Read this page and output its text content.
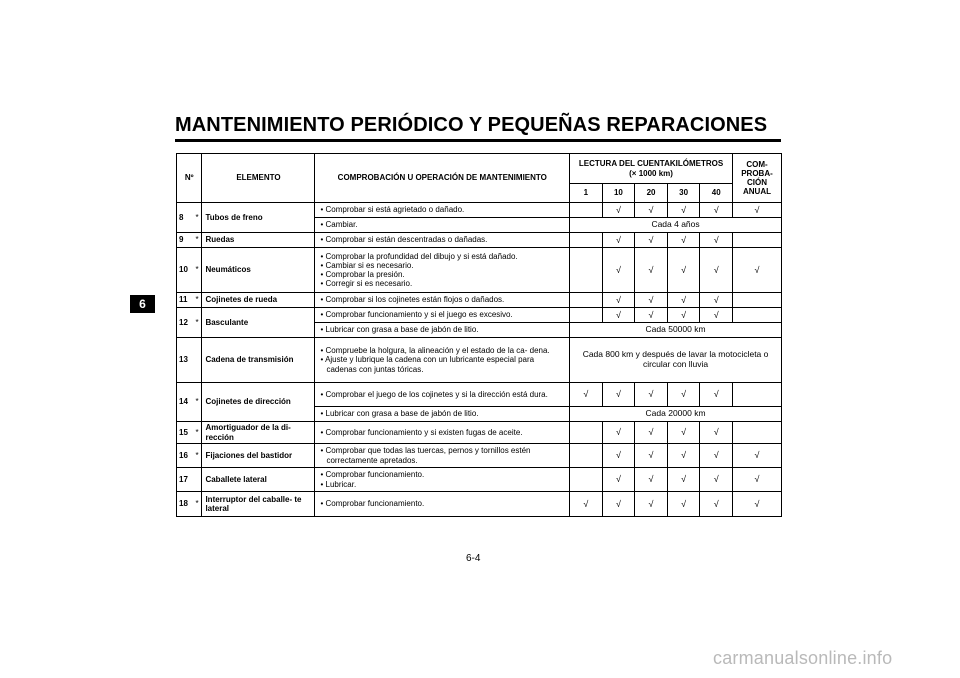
MANTENIMIENTO PERIÓDICO Y PEQUEÑAS REPARACIONES
6
Nº		ELEMENTO	COMPROBACIÓN U OPERACIÓN DE MANTENIMIENTO	LECTURA DEL CUENTAKILÓMETROS
(× 1000 km)					COM- PROBA- CIÓN ANUAL
				1	10	20	30	40	
8	*	Tubos de freno	• Comprobar si está agrietado o dañado.		√	√	√	√	√

			• Cambiar.	Cada 4 años					
9	*	Ruedas	• Comprobar si están descentradas o dañadas.		√	√	√	√	
10	*	Neumáticos	• Comprobar la profundidad del dibujo y si está dañado.
• Cambiar si es necesario.
• Comprobar la presión.
• Corregir si es necesario.		√	√	√	√	√
11	*	Cojinetes de rueda	• Comprobar si los cojinetes están flojos o dañados.		√	√	√	√	
12	*	Basculante	• Comprobar funcionamiento y si el juego es excesivo.		√	√	√	√	

			• Lubricar con grasa a base de jabón de litio.	Cada 50000 km					
13		Cadena de transmisión	• Compruebe la holgura, la alineación y el estado de la ca- dena.
• Ajuste y lubrique la cadena con un lubricante especial para cadenas con juntas tóricas.	Cada 800 km y después de lavar la motocicleta o circular con lluvia					
14	*	Cojinetes de dirección	• Comprobar el juego de los cojinetes y si la dirección está dura.	√	√	√	√	√	

			• Lubricar con grasa a base de jabón de litio.	Cada 20000 km					
15	*	Amortiguador de la di- rección	• Comprobar funcionamiento y si existen fugas de aceite.		√	√	√	√	
16	*	Fijaciones del bastidor	• Comprobar que todas las tuercas, pernos y tornillos estén correctamente apretados.		√	√	√	√	√
17		Caballete lateral	• Comprobar funcionamiento.
• Lubricar.		√	√	√	√	√
18	*	Interruptor del caballe- te lateral	• Comprobar funcionamiento.	√	√	√	√	√	√
6-4
carmanualsonline.info
